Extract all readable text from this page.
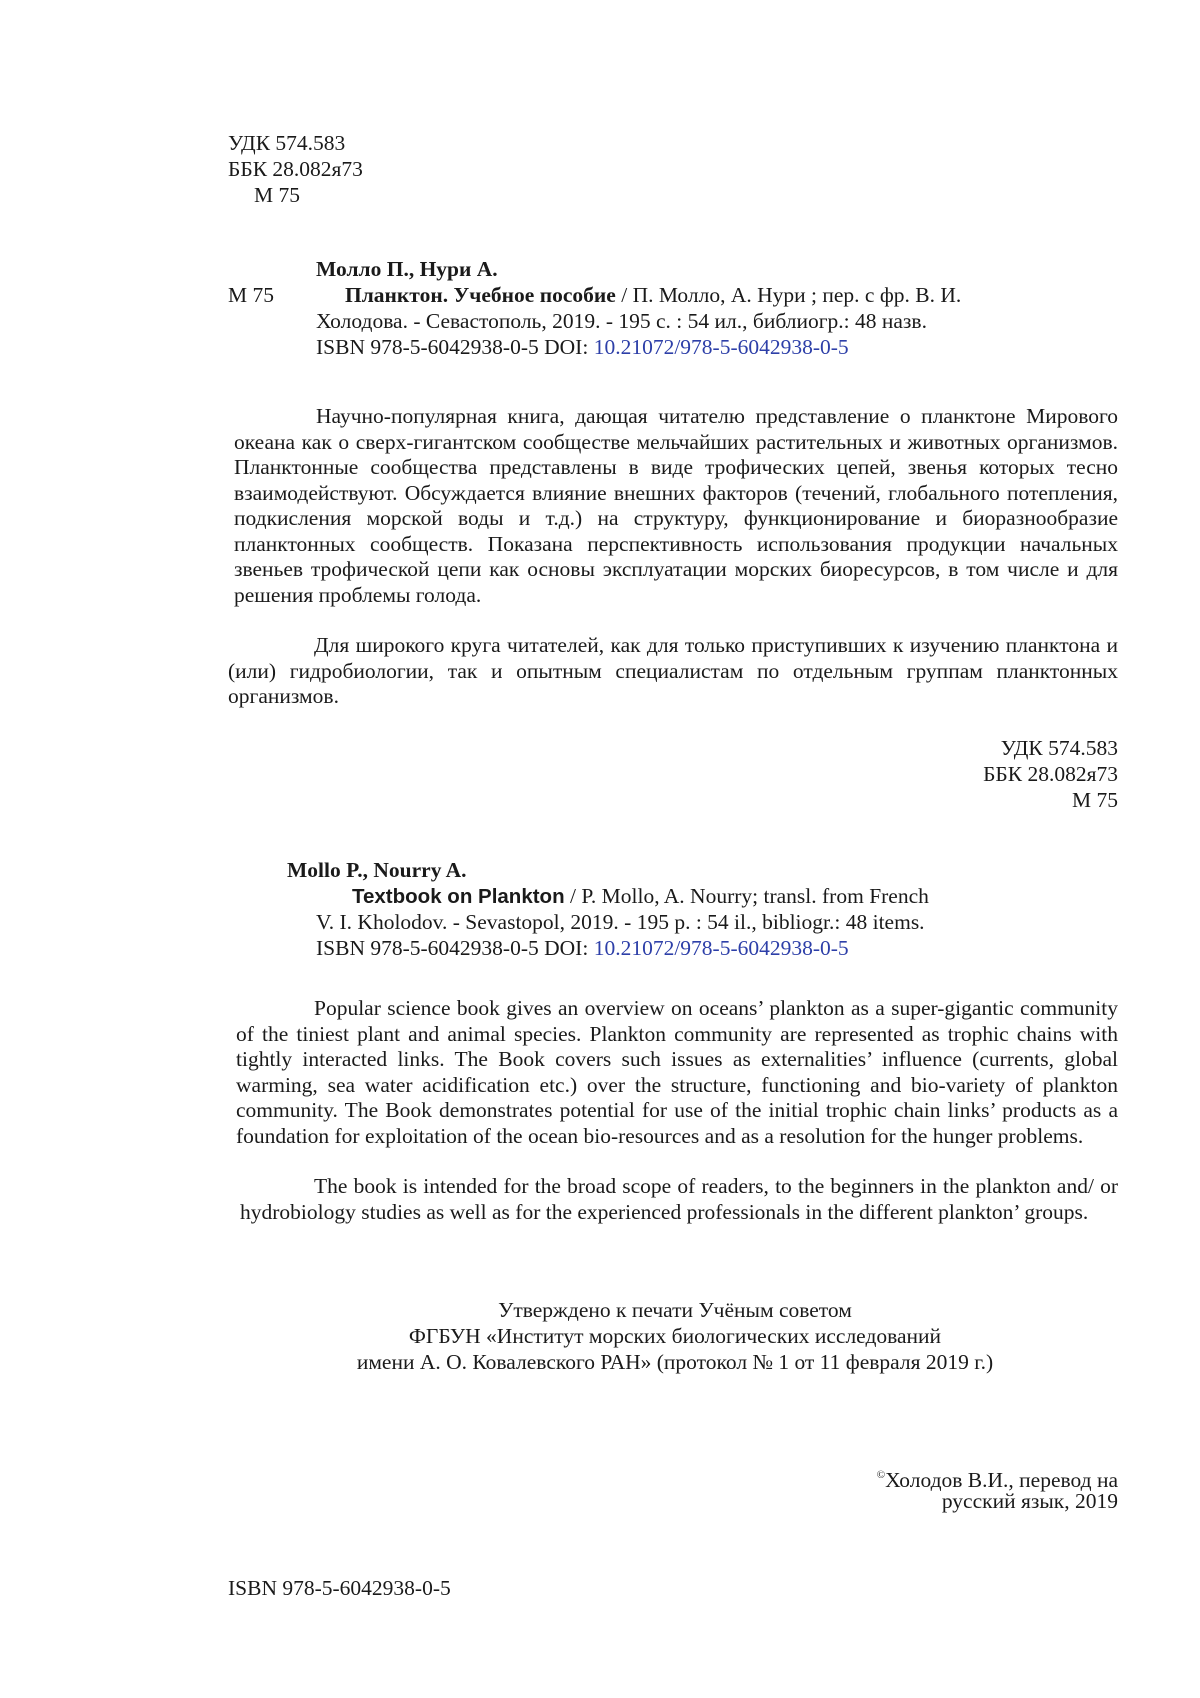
УДК 574.583
ББК 28.082я73
М 75
Молло П., Нури А.
М 75	Планктон. Учебное пособие / П. Молло, А. Нури ; пер. с фр. В. И.
Холодова. - Севастополь, 2019. - 195 с. : 54 ил., библиогр.: 48 назв.
ISBN 978-5-6042938-0-5 DOI: 10.21072/978-5-6042938-0-5
Научно-популярная книга, дающая читателю представление о планктоне Мирового океана как о сверх-гигантском сообществе мельчайших растительных и животных организмов. Планктонные сообщества представлены в виде трофических цепей, звенья которых тесно взаимодействуют. Обсуждается влияние внешних факторов (течений, глобального потепления, подкисления морской воды и т.д.) на структуру, функционирование и биоразнообразие планктонных сообществ. Показана перспективность использования продукции начальных звеньев трофической цепи как основы эксплуатации морских биоресурсов, в том числе и для решения проблемы голода.
Для широкого круга читателей, как для только приступивших к изучению планктона и (или) гидробиологии, так и опытным специалистам по отдельным группам планктонных организмов.
УДК 574.583
ББК 28.082я73
М 75
Mollo P., Nourry A.
Textbook on Plankton / P. Mollo, A. Nourry; transl. from French
V. I. Kholodov. - Sevastopol, 2019. - 195 p. : 54 il., bibliogr.: 48 items.
ISBN 978-5-6042938-0-5 DOI: 10.21072/978-5-6042938-0-5
Popular science book gives an overview on oceans’ plankton as a super-gigantic community of the tiniest plant and animal species. Plankton community are represented as trophic chains with tightly interacted links. The Book covers such issues as externalities’ influence (currents, global warming, sea water acidification etc.) over the structure, functioning and bio-variety of plankton community. The Book demonstrates potential for use of the initial trophic chain links’ products as a foundation for exploitation of the ocean bio-resources and as a resolution for the hunger problems.
The book is intended for the broad scope of readers, to the beginners in the plankton and/ or hydrobiology studies as well as for the experienced professionals in the different plankton’ groups.
Утверждено к печати Учёным советом
ФГБУН «Институт морских биологических исследований
имени А. О. Ковалевского РАН» (протокол № 1 от 11 февраля 2019 г.)
©Холодов В.И., перевод на
русский язык, 2019
ISBN 978-5-6042938-0-5
